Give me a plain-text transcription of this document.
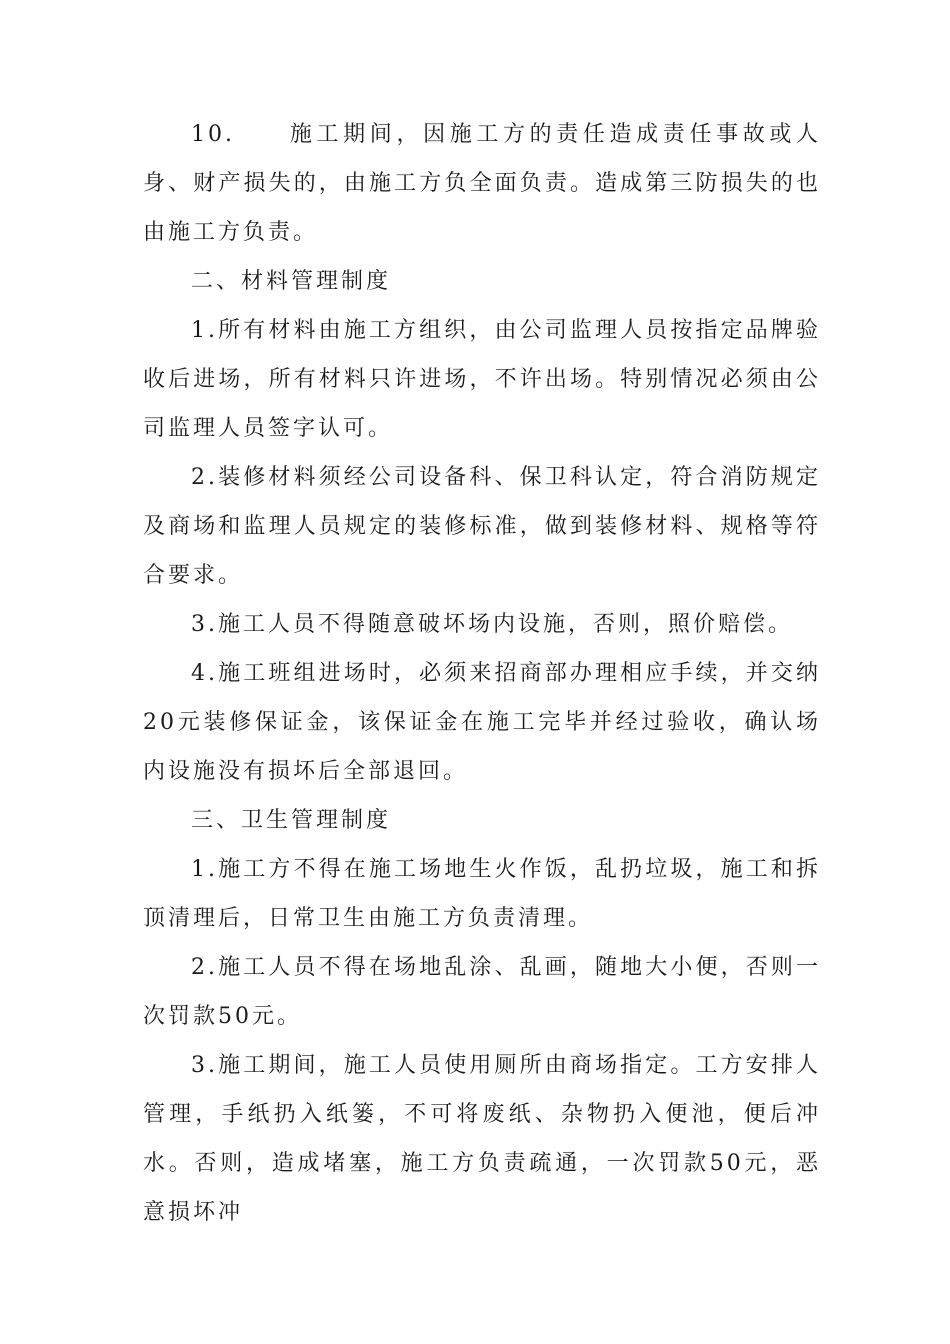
10.　　施工期间，因施工方的责任造成责任事故或人身、财产损失的，由施工方负全面负责。造成第三防损失的也由施工方负责。

二、材料管理制度

1.所有材料由施工方组织，由公司监理人员按指定品牌验收后进场，所有材料只许进场，不许出场。特别情况必须由公司监理人员签字认可。

2.装修材料须经公司设备科、保卫科认定，符合消防规定及商场和监理人员规定的装修标准，做到装修材料、规格等符合要求。

3.施工人员不得随意破坏场内设施，否则，照价赔偿。

4.施工班组进场时，必须来招商部办理相应手续，并交纳20元装修保证金，该保证金在施工完毕并经过验收，确认场内设施没有损坏后全部退回。

三、卫生管理制度

1.施工方不得在施工场地生火作饭，乱扔垃圾，施工和拆顶清理后，日常卫生由施工方负责清理。

2.施工人员不得在场地乱涂、乱画，随地大小便，否则一次罚款50元。

3.施工期间，施工人员使用厕所由商场指定。工方安排人管理，手纸扔入纸篓，不可将废纸、杂物扔入便池，便后冲水。否则，造成堵塞，施工方负责疏通，一次罚款50元，恶意损坏冲
